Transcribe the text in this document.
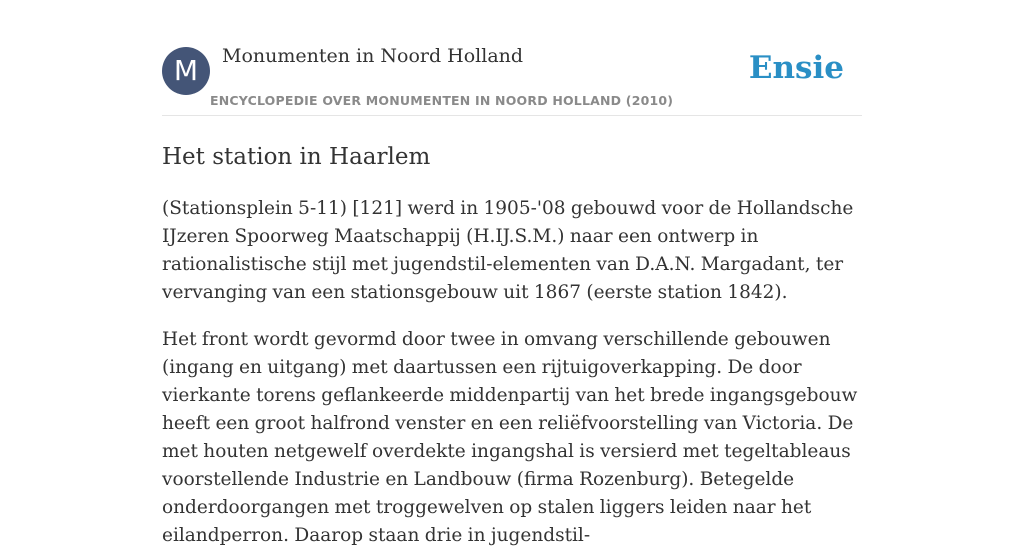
M	Monumenten in Noord Holland
ENCYCLOPEDIE OVER MONUMENTEN IN NOORD HOLLAND (2010)
Ensie
Het station in Haarlem

(Stationsplein 5-11) [121] werd in 1905-'08 gebouwd voor de Hollandsche IJzeren Spoorweg Maatschappij (H.IJ.S.M.) naar een ontwerp in rationalistische stijl met jugendstil-elementen van D.A.N. Margadant, ter vervanging van een stationsgebouw uit 1867 (eerste station 1842).

Het front wordt gevormd door twee in omvang verschillende gebouwen (ingang en uitgang) met daartussen een rijtuigoverkapping. De door vierkante torens geflankeerde middenpartij van het brede ingangsgebouw heeft een groot halfrond venster en een reliëfvoorstelling van Victoria. De met houten netgewelf overdekte ingangshal is versierd met tegeltableaus voorstellende Industrie en Landbouw (firma Rozenburg). Betegelde onderdoorgangen met troggewelven op stalen liggers leiden naar het eilandperron. Daarop staan drie in jugendstil-
